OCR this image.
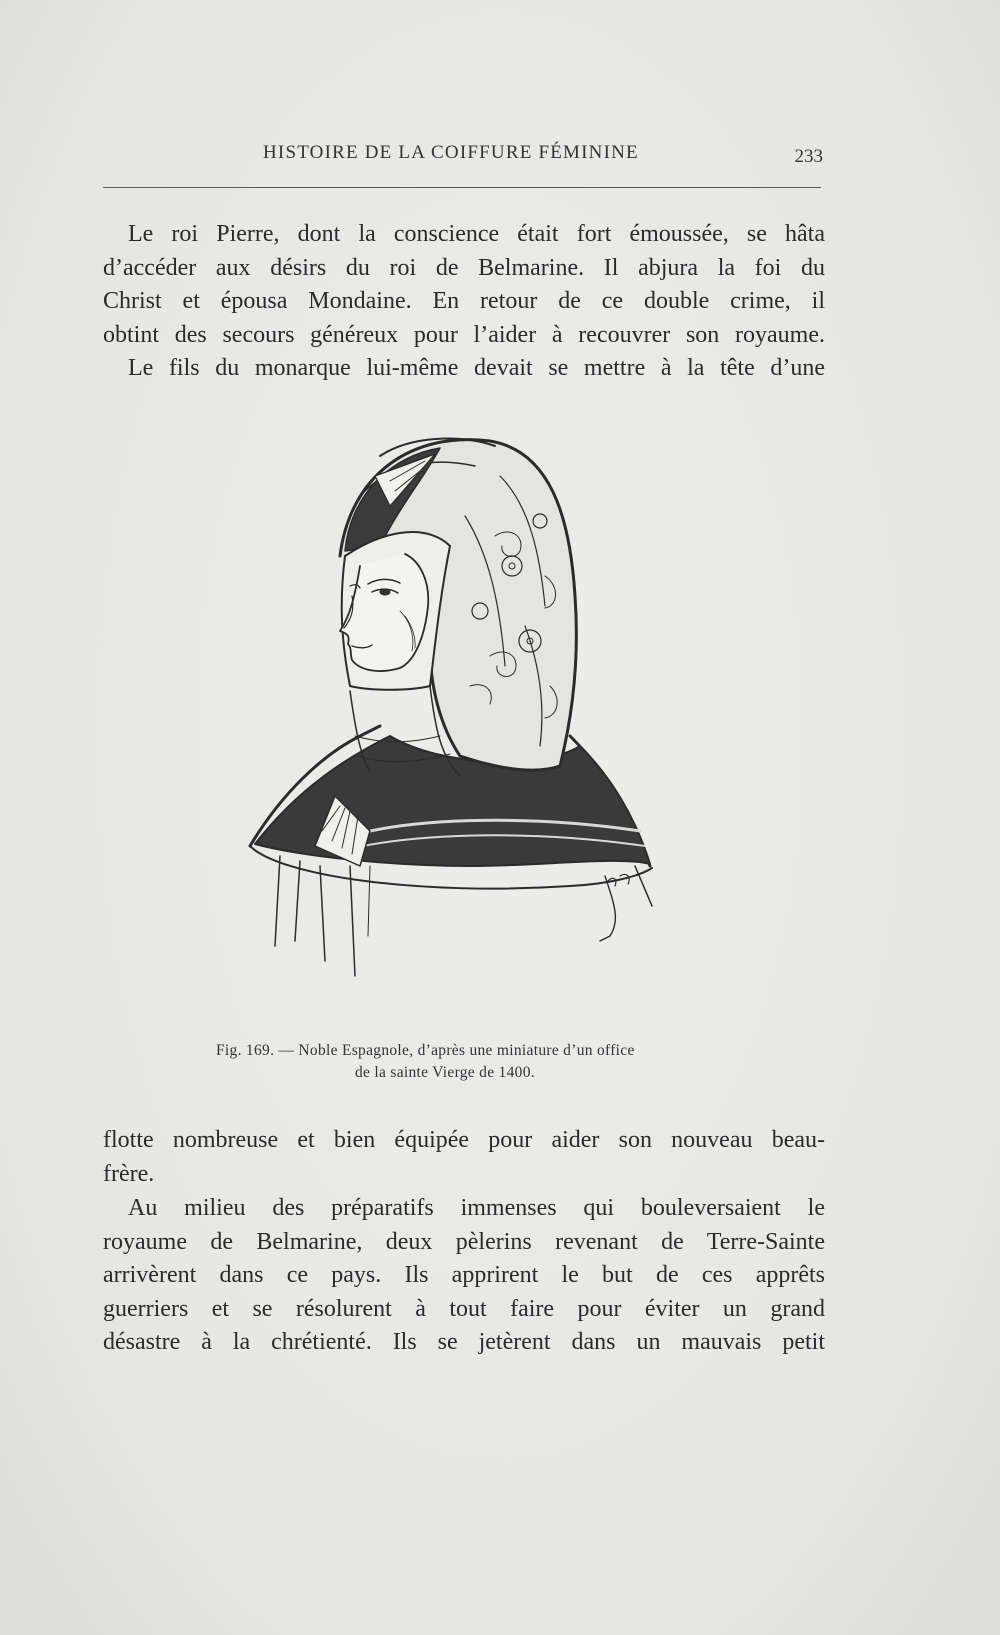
HISTOIRE DE LA COIFFURE FÉMININE	233
Le roi Pierre, dont la conscience était fort émoussée, se hâta
d’accéder aux désirs du roi de Belmarine. Il abjura la foi du
Christ et épousa Mondaine. En retour de ce double crime, il
obtint des secours généreux pour l’aider à recouvrer son royaume.
Le fils du monarque lui-même devait se mettre à la tête d’une
Fig. 169. — Noble Espagnole, d’après une miniature d’un office
de la sainte Vierge de 1400.
flotte nombreuse et bien équipée pour aider son nouveau beau-
frère.
Au milieu des préparatifs immenses qui bouleversaient le
royaume de Belmarine, deux pèlerins revenant de Terre-Sainte
arrivèrent dans ce pays. Ils apprirent le but de ces apprêts
guerriers et se résolurent à tout faire pour éviter un grand
désastre à la chrétienté. Ils se jetèrent dans un mauvais petit
